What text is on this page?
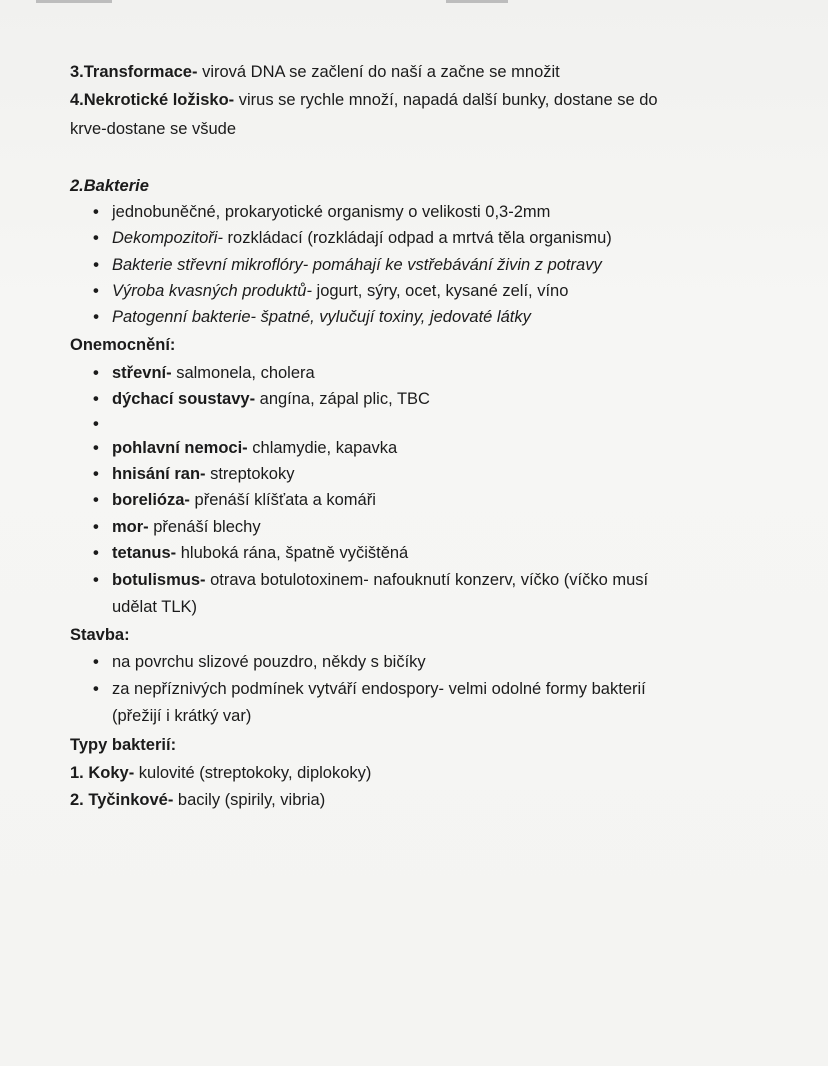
3.Transformace- virová DNA se začlení do naší a začne se množit
4.Nekrotické ložisko- virus se rychle množí, napadá další bunky, dostane se do
krve-dostane se všude
2.Bakterie
• jednobuněčné, prokaryotické organismy o velikosti 0,3-2mm
• Dekompozitoři- rozkládací (rozkládají odpad a mrtvá těla organismu)
• Bakterie střevní mikroflóry- pomáhají ke vstřebávání živin z potravy
• Výroba kvasných produktů- jogurt, sýry, ocet, kysané zelí, víno
• Patogenní bakterie- špatné, vylučují toxiny, jedovaté látky
Onemocnění:
• střevní- salmonela, cholera
• dýchací soustavy- angína, zápal plic, TBC
•
• pohlavní nemoci- chlamydie, kapavka
• hnisání ran- streptokoky
• borelióza- přenáší klíšťata a komáři
• mor- přenáší blechy
• tetanus- hluboká rána, špatně vyčištěná
• botulismus- otrava botulotoxinem- nafouknutí konzerv, víčko (víčko musí
udělat TLK)
Stavba:
• na povrchu slizové pouzdro, někdy s bičíky
• za nepříznivých podmínek vytváří endospory- velmi odolné formy bakterií
(přežijí i krátký var)
Typy bakterií:
1. Koky- kulovité (streptokoky, diplokoky)
2. Tyčinkové- bacily (spirily, vibria)
